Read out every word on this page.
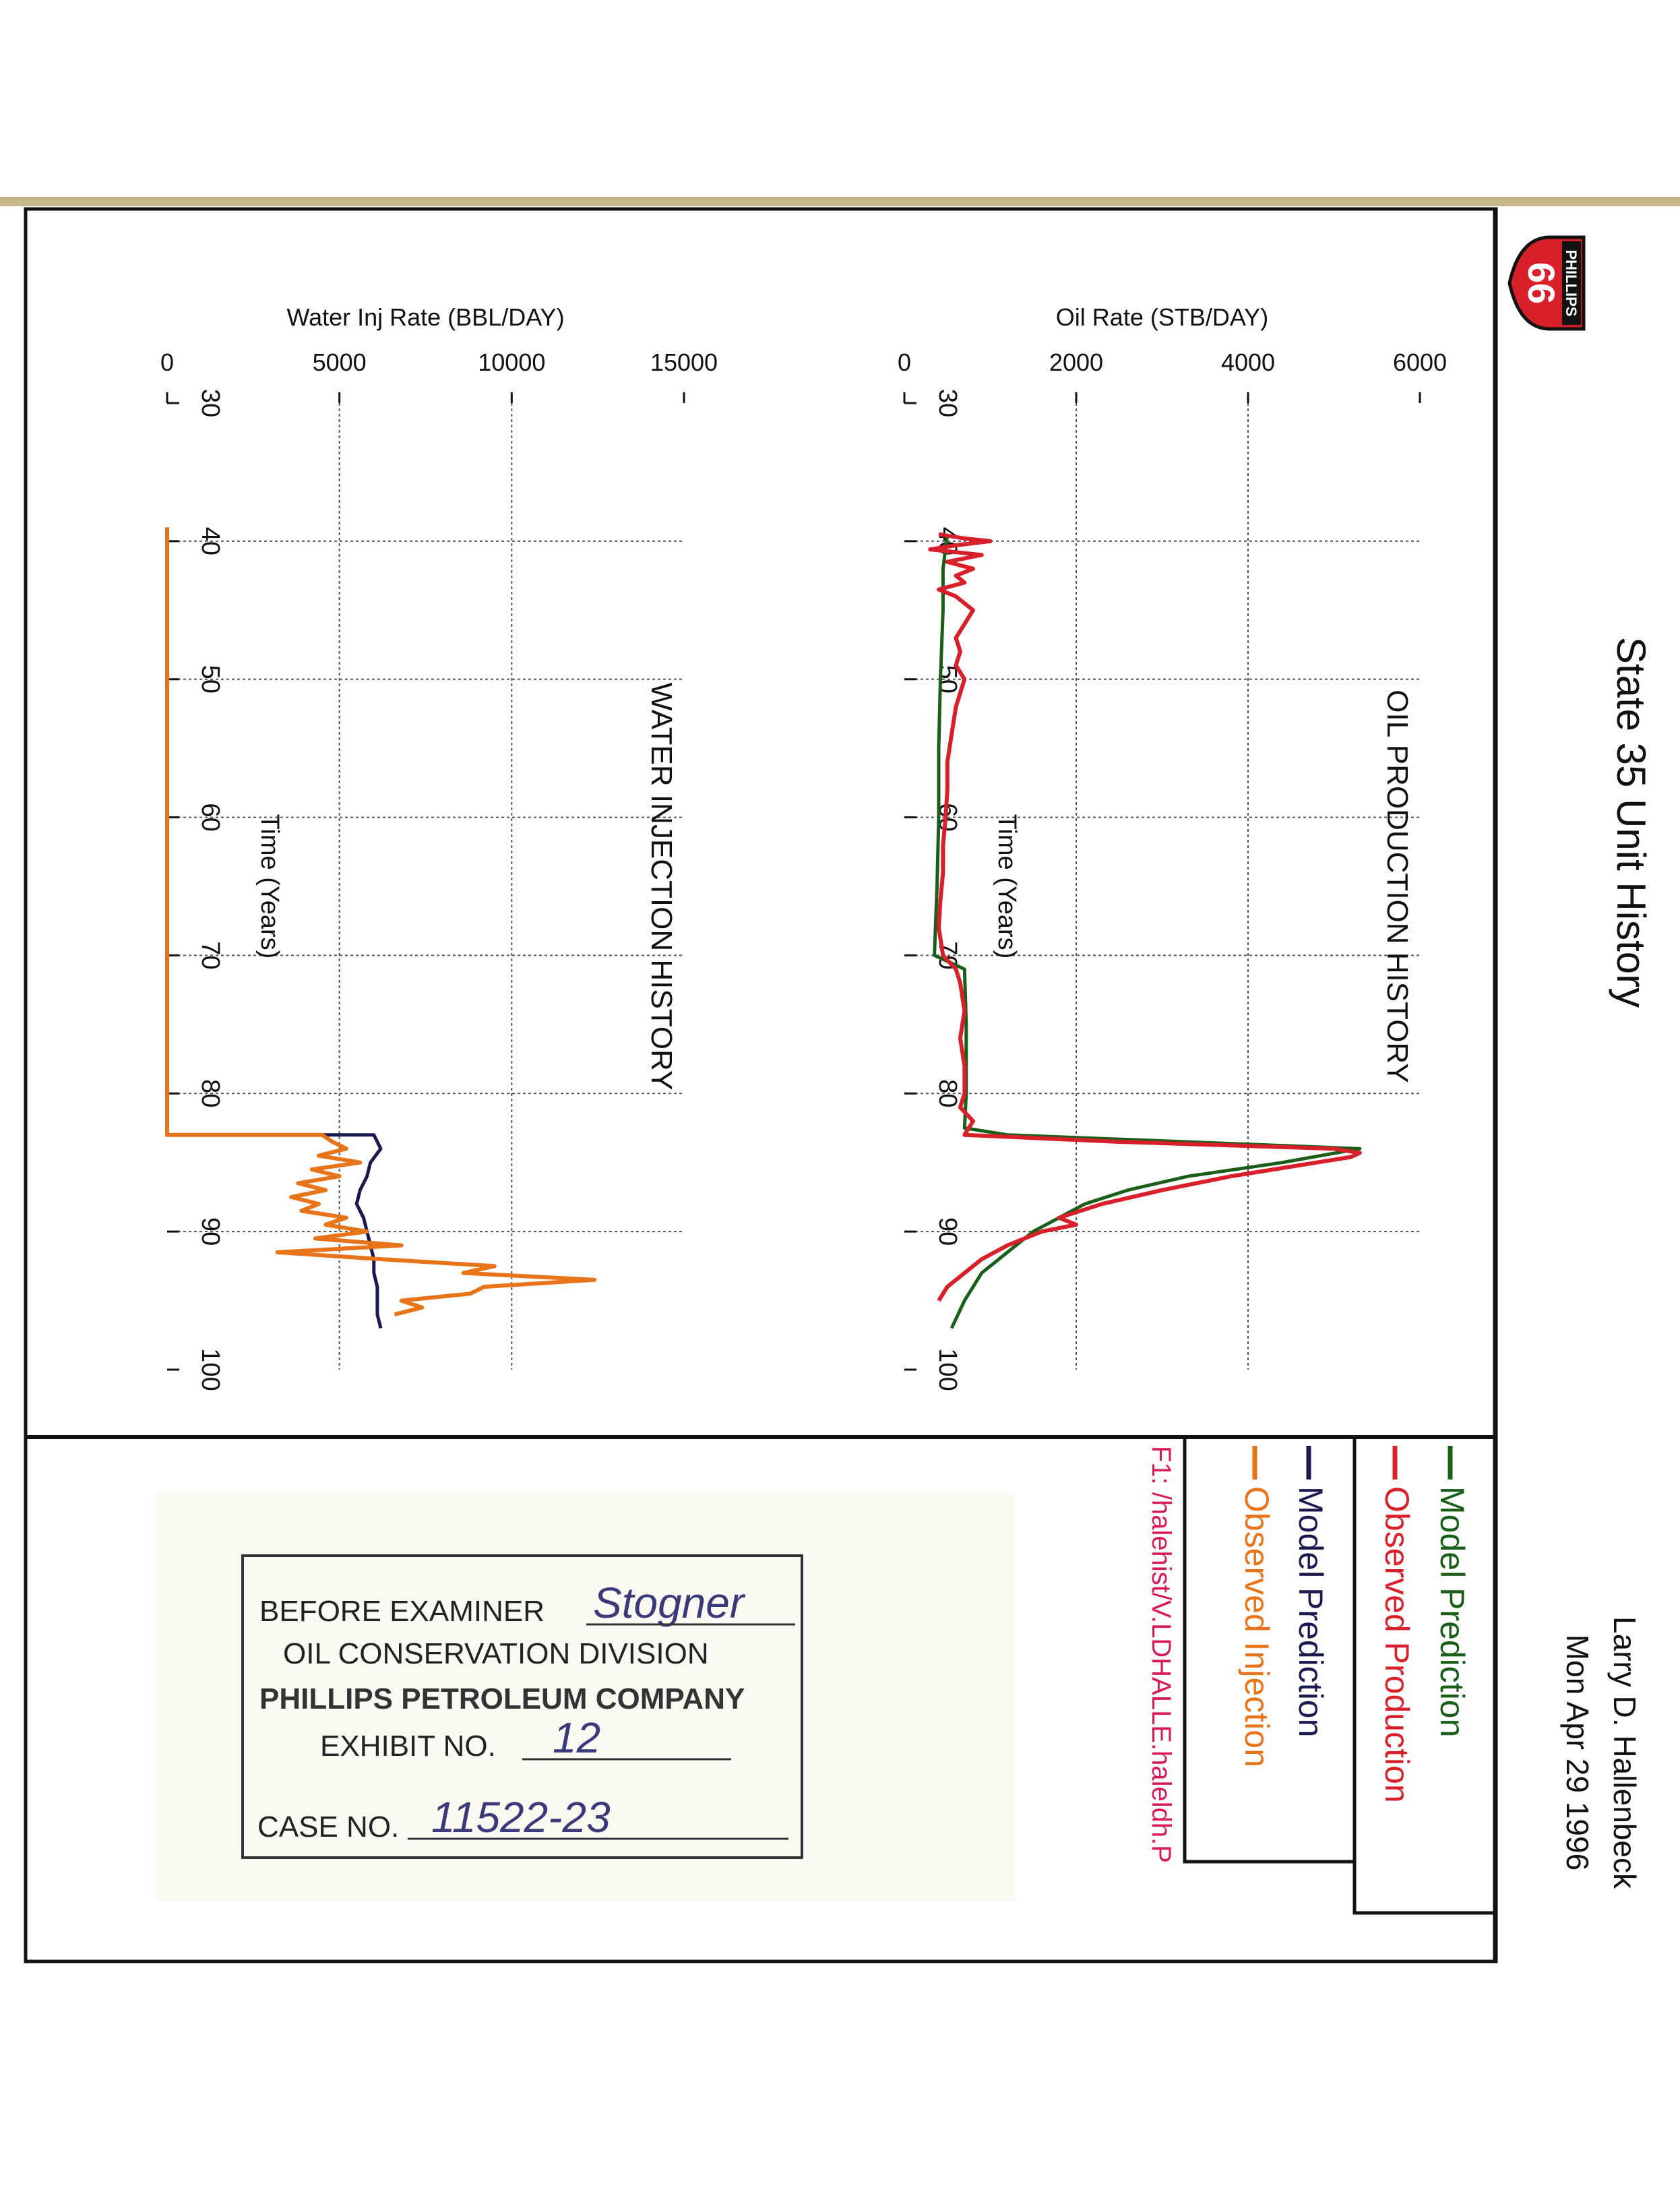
State 35 Unit History
Larry D. Hallenbeck
Mon Apr 29 1996
PHILLIPS
66
Model Prediction
Observed Production
Model Prediction
Observed Injection
F1: /halehist/V.LDHALLE.haleldh.P
30
40
50
60
70
80
90
100
0	2000	4000	6000
Oil Rate (STB/DAY)
Time (Years)	OIL PRODUCTION HISTORY
30
40
50
60
70
80
90
100
0	5000	10000	15000
Water Inj Rate (BBL/DAY)
Time (Years)	WATER INJECTION HISTORY
BEFORE EXAMINER Stogner
OIL CONSERVATION DIVISION
PHILLIPS PETROLEUM COMPANY
EXHIBIT NO. 12
CASE NO. 11522-23
